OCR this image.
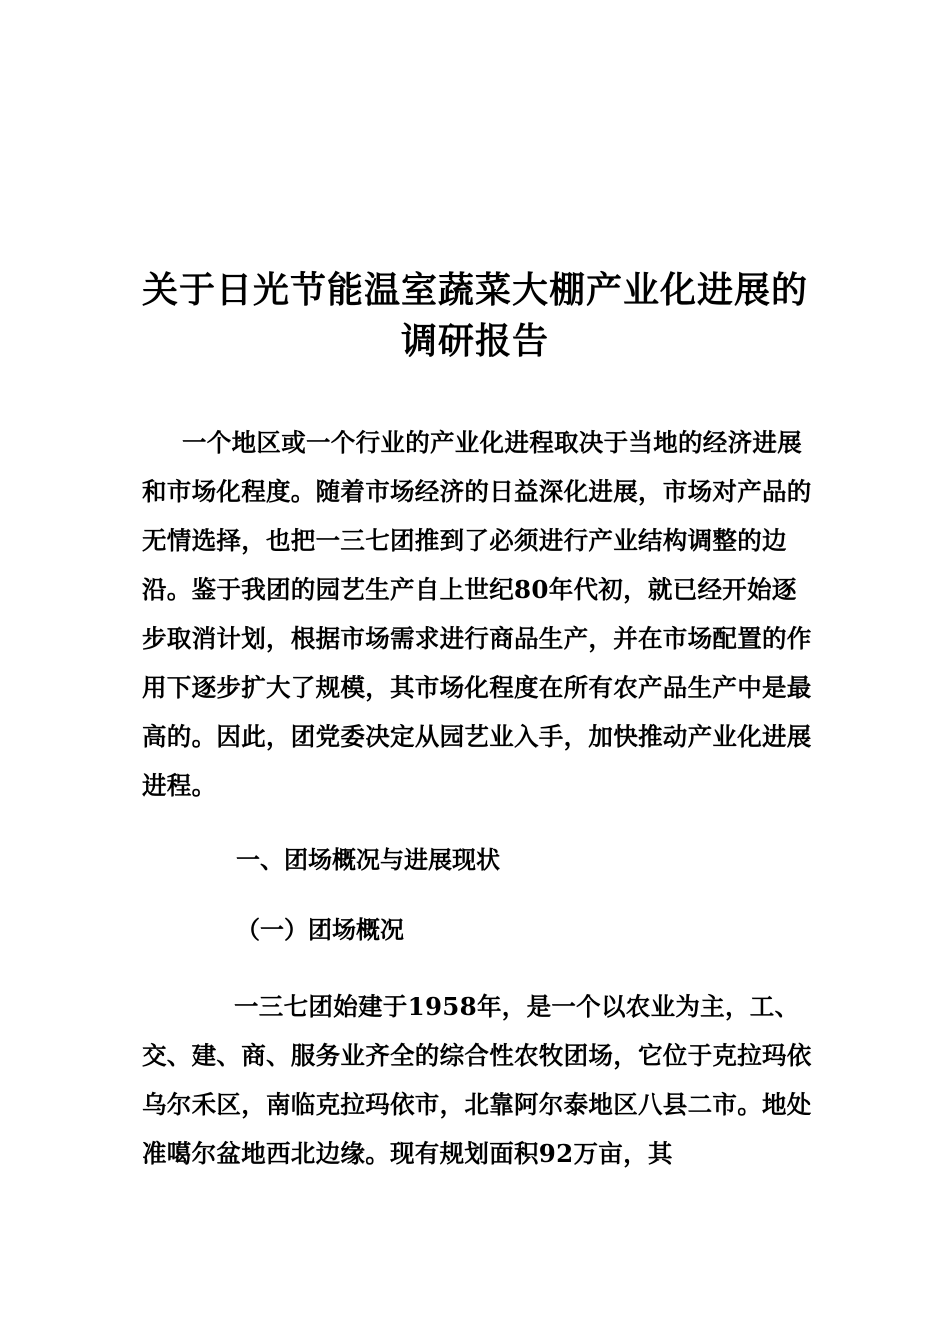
关于日光节能温室蔬菜大棚产业化进展的
调研报告
一个地区或一个行业的产业化进程取决于当地的经济进展和市场化程度。随着市场经济的日益深化进展，市场对产品的无情选择，也把一三七团推到了必须进行产业结构调整的边沿。鉴于我团的园艺生产自上世纪80年代初，就已经开始逐步取消计划，根据市场需求进行商品生产，并在市场配置的作用下逐步扩大了规模，其市场化程度在所有农产品生产中是最高的。因此，团党委决定从园艺业入手，加快推动产业化进展进程。
一、团场概况与进展现状
（一）团场概况
一三七团始建于1958年，是一个以农业为主，工、交、建、商、服务业齐全的综合性农牧团场，它位于克拉玛依乌尔禾区，南临克拉玛依市，北靠阿尔泰地区八县二市。地处准噶尔盆地西北边缘。现有规划面积92万亩，其
